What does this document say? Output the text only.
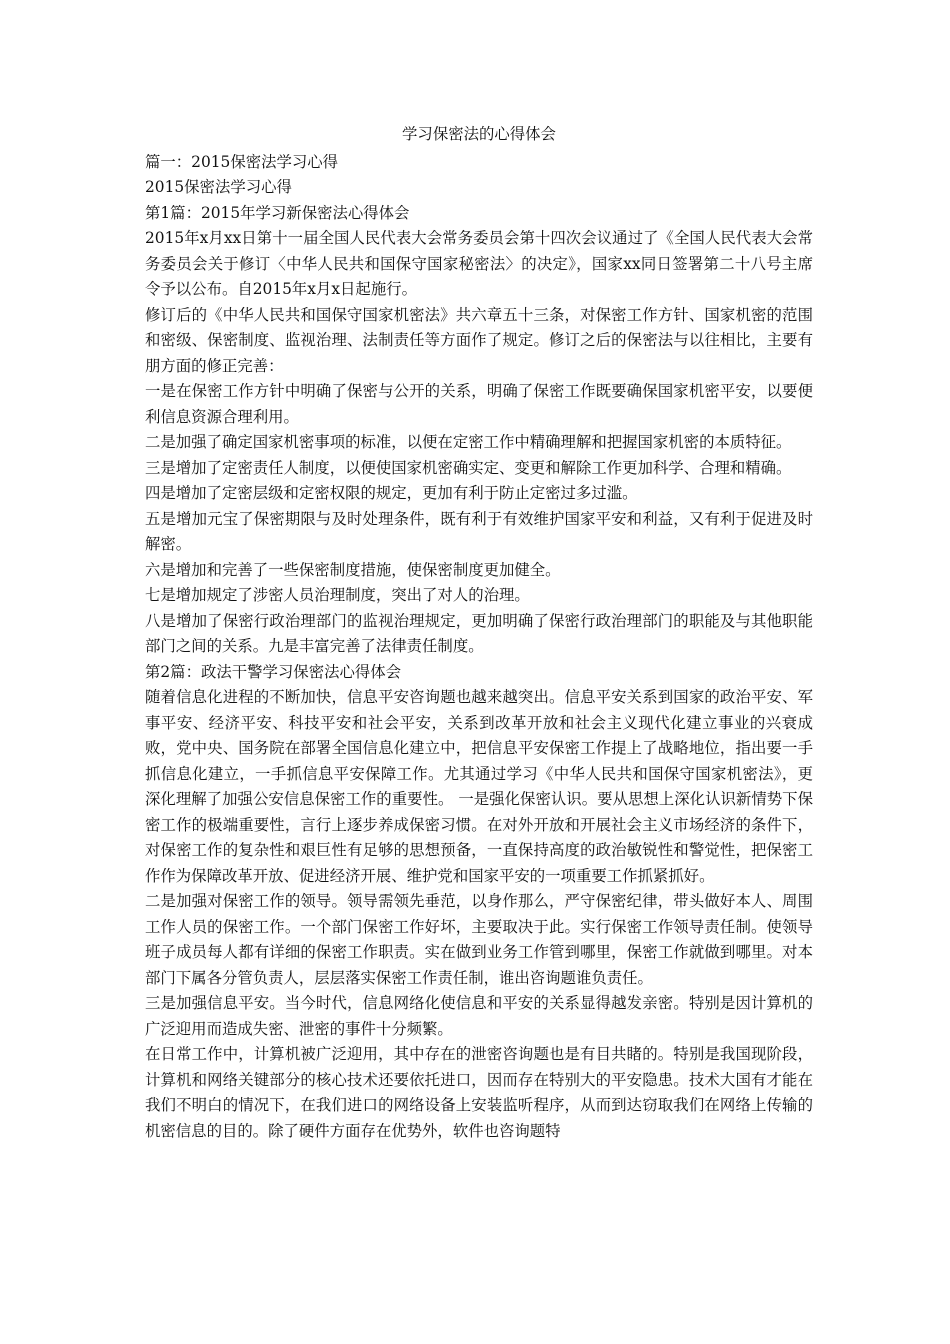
学习保密法的心得体会

篇一：2015保密法学习心得

2015保密法学习心得

第1篇：2015年学习新保密法心得体会

2015年x月xx日第十一届全国人民代表大会常务委员会第十四次会议通过了《全国人民代表大会常务委员会关于修订〈中华人民共和国保守国家秘密法〉的决定》，国家xx同日签署第二十八号主席令予以公布。自2015年x月x日起施行。

修订后的《中华人民共和国保守国家机密法》共六章五十三条，对保密工作方针、国家机密的范围和密级、保密制度、监视治理、法制责任等方面作了规定。修订之后的保密法与以往相比，主要有朋方面的修正完善：

一是在保密工作方针中明确了保密与公开的关系，明确了保密工作既要确保国家机密平安，以要便利信息资源合理利用。

二是加强了确定国家机密事项的标准，以便在定密工作中精确理解和把握国家机密的本质特征。

三是增加了定密责任人制度，以便使国家机密确实定、变更和解除工作更加科学、合理和精确。

四是增加了定密层级和定密权限的规定，更加有利于防止定密过多过滥。

五是增加元宝了保密期限与及时处理条件，既有利于有效维护国家平安和利益，又有利于促进及时解密。

六是增加和完善了一些保密制度措施，使保密制度更加健全。

七是增加规定了涉密人员治理制度，突出了对人的治理。

八是增加了保密行政治理部门的监视治理规定，更加明确了保密行政治理部门的职能及与其他职能部门之间的关系。九是丰富完善了法律责任制度。

第2篇：政法干警学习保密法心得体会

随着信息化进程的不断加快，信息平安咨询题也越来越突出。信息平安关系到国家的政治平安、军事平安、经济平安、科技平安和社会平安，关系到改革开放和社会主义现代化建立事业的兴衰成败，党中央、国务院在部署全国信息化建立中，把信息平安保密工作提上了战略地位，指出要一手抓信息化建立，一手抓信息平安保障工作。尤其通过学习《中华人民共和国保守国家机密法》，更深化理解了加强公安信息保密工作的重要性。 一是强化保密认识。要从思想上深化认识新情势下保密工作的极端重要性，言行上逐步养成保密习惯。在对外开放和开展社会主义市场经济的条件下，对保密工作的复杂性和艰巨性有足够的思想预备，一直保持高度的政治敏锐性和警觉性，把保密工作作为保障改革开放、促进经济开展、维护党和国家平安的一项重要工作抓紧抓好。

二是加强对保密工作的领导。领导需领先垂范，以身作那么，严守保密纪律，带头做好本人、周围工作人员的保密工作。一个部门保密工作好坏，主要取决于此。实行保密工作领导责任制。使领导班子成员每人都有详细的保密工作职责。实在做到业务工作管到哪里，保密工作就做到哪里。对本部门下属各分管负责人，层层落实保密工作责任制，谁出咨询题谁负责任。

三是加强信息平安。当今时代，信息网络化使信息和平安的关系显得越发亲密。特别是因计算机的广泛迎用而造成失密、泄密的事件十分频繁。

在日常工作中，计算机被广泛迎用，其中存在的泄密咨询题也是有目共睹的。特别是我国现阶段，计算机和网络关键部分的核心技术还要依托进口，因而存在特别大的平安隐患。技术大国有才能在我们不明白的情况下，在我们进口的网络设备上安装监听程序，从而到达窃取我们在网络上传输的机密信息的目的。除了硬件方面存在优势外，软件也咨询题特
